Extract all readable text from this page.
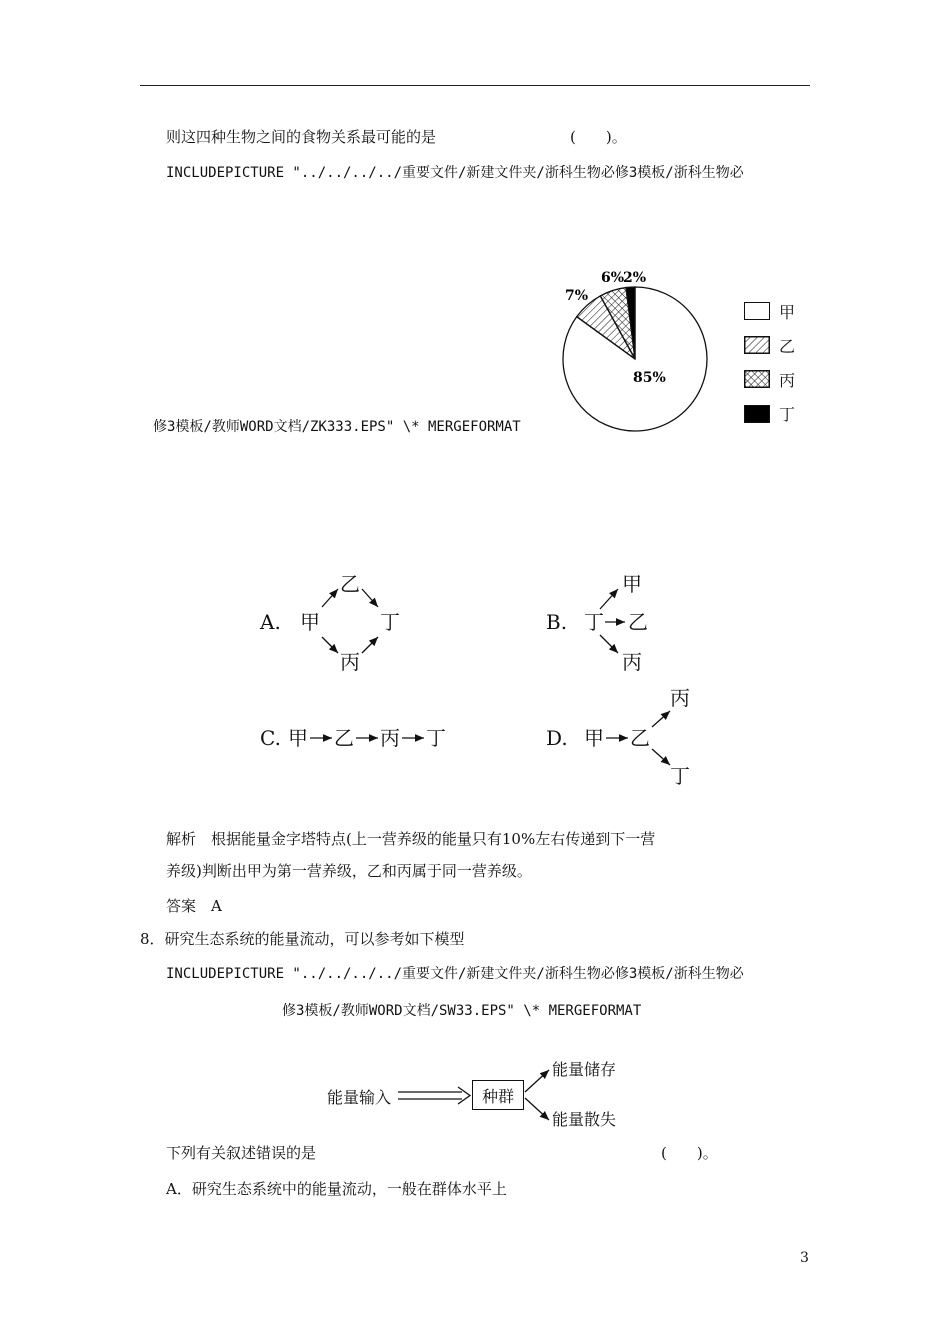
则这四种生物之间的食物关系最可能的是	(　　)。
INCLUDEPICTURE "../../../../重要文件/新建文件夹/浙科生物必修3模板/浙科生物必
85%
7%
6%
2%
甲
乙
丙
丁
修3模板/教师WORD文档/ZK333.EPS" \* MERGEFORMAT
A. 甲
乙
丙
丁	B. 丁
甲
乙
丙
C. 甲 乙 丙 丁	D. 甲 乙
丙
丁
解析　根据能量金字塔特点(上一营养级的能量只有10%左右传递到下一营
养级)判断出甲为第一营养级，乙和丙属于同一营养级。
答案　A
8．研究生态系统的能量流动，可以参考如下模型
INCLUDEPICTURE "../../../../重要文件/新建文件夹/浙科生物必修3模板/浙科生物必
修3模板/教师WORD文档/SW33.EPS" \* MERGEFORMAT
能量输入	种群
能量储存
能量散失
下列有关叙述错误的是	(　　)。
A．研究生态系统中的能量流动，一般在群体水平上
3
